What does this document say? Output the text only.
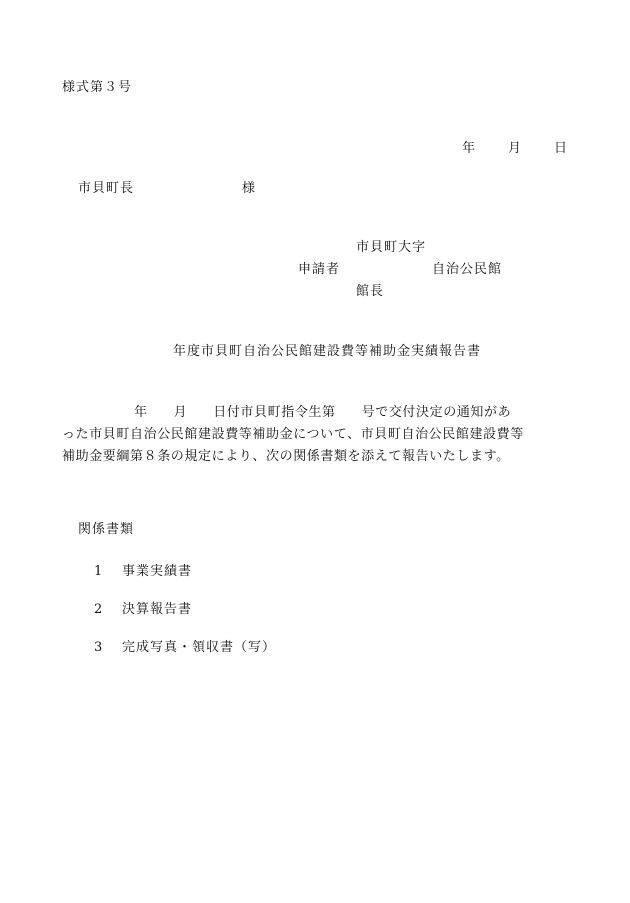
様式第３号
年 月 日
市貝町長	様
市貝町大字
申請者	自治公民館
館長
年度市貝町自治公民館建設費等補助金実績報告書
年 月 日付市貝町指令生第 号で交付決定の通知があ
った市貝町自治公民館建設費等補助金について、市貝町自治公民館建設費等
補助金要綱第８条の規定により、次の関係書類を添えて報告いたします。
関係書類
1 事業実績書
2 決算報告書
3 完成写真・領収書（写）
